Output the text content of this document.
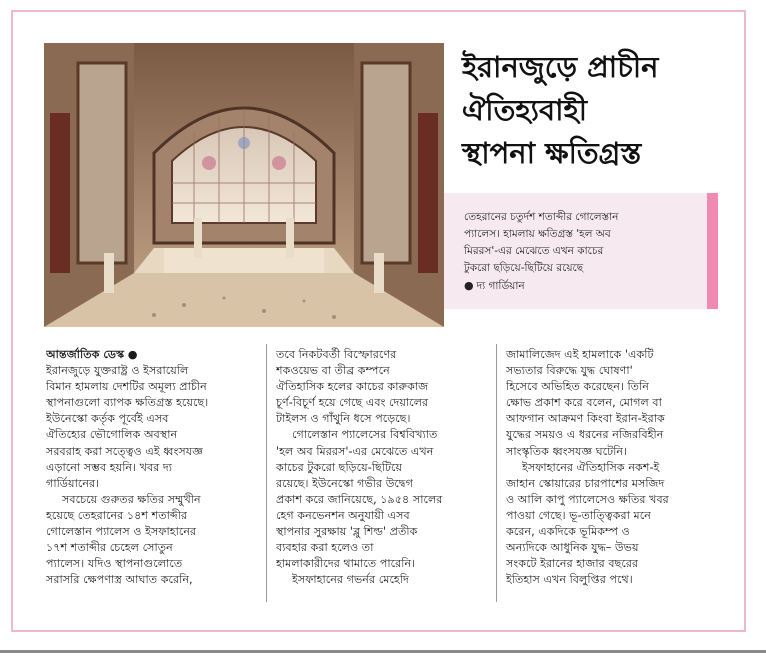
ইরানজুড়ে প্রাচীন
ঐতিহ্যবাহী
স্থাপনা ক্ষতিগ্রস্ত
তেহরানের চতুর্দশ শতাব্দীর গোলেস্তান
প্যালেস। হামলায় ক্ষতিগ্রস্ত 'হল অব
মিররস'-এর মেঝেতে এখন কাচের
টুকরো ছড়িয়ে-ছিটিয়ে রয়েছে
● দ্য গার্ডিয়ান
আন্তর্জাতিক ডেস্ক ●
ইরানজুড়ে যুক্তরাষ্ট্র ও ইসরায়েলি
বিমান হামলায় দেশটির অমূল্য প্রাচীন
স্থাপনাগুলো ব্যাপক ক্ষতিগ্রস্ত হয়েছে।
ইউনেস্কো কর্তৃক পূর্বেই এসব
ঐতিহ্যের ভৌগোলিক অবস্থান
সরবরাহ করা সত্ত্বেও এই ধ্বংসযজ্ঞ
এড়ানো সম্ভব হয়নি। খবর দ্য
গার্ডিয়ানের।
সবচেয়ে গুরুতর ক্ষতির সম্মুখীন
হয়েছে তেহরানের ১৪শ শতাব্দীর
গোলেস্তান প্যালেস ও ইসফাহানের
১৭শ শতাব্দীর চেহেল সোতুন
প্যালেস। যদিও স্থাপনাগুলোতে
সরাসরি ক্ষেপণাস্ত্র আঘাত করেনি,
তবে নিকটবর্তী বিস্ফোরণের
শকওয়েভ বা তীব্র কম্পনে
ঐতিহাসিক হলের কাচের কারুকাজ
চূর্ণ-বিচূর্ণ হয়ে গেছে এবং দেয়ালের
টাইলস ও গাঁথুনি ধসে পড়েছে।
গোলেস্তান প্যালেসের বিশ্ববিখ্যাত
'হল অব মিররস'-এর মেঝেতে এখন
কাচের টুকরো ছড়িয়ে-ছিটিয়ে
রয়েছে। ইউনেস্কো গভীর উদ্বেগ
প্রকাশ করে জানিয়েছে, ১৯৫৪ সালের
হেগ কনভেনশন অনুযায়ী এসব
স্থাপনার সুরক্ষায় 'ব্লু শিল্ড' প্রতীক
ব্যবহার করা হলেও তা
হামলাকারীদের থামাতে পারেনি।
ইসফাহানের গভর্নর মেহেদি
জামালিজেদ এই হামলাকে 'একটি
সভ্যতার বিরুদ্ধে যুদ্ধ ঘোষণা'
হিসেবে অভিহিত করেছেন। তিনি
ক্ষোভ প্রকাশ করে বলেন, মোগল বা
আফগান আক্রমণ কিংবা ইরান-ইরাক
যুদ্ধের সময়ও এ ধরনের নজিরবিহীন
সাংস্কৃতিক ধ্বংসযজ্ঞ ঘটেনি।
ইসফাহানের ঐতিহাসিক নকশ-ই
জাহান স্কোয়ারের চারপাশের মসজিদ
ও আলি কাপু প্যালেসেও ক্ষতির খবর
পাওয়া গেছে। ভূ-তাত্ত্বিকরা মনে
করেন, একদিকে ভূমিকম্প ও
অন্যদিকে আধুনিক যুদ্ধ– উভয়
সংকটে ইরানের হাজার বছরের
ইতিহাস এখন বিলুপ্তির পথে।
